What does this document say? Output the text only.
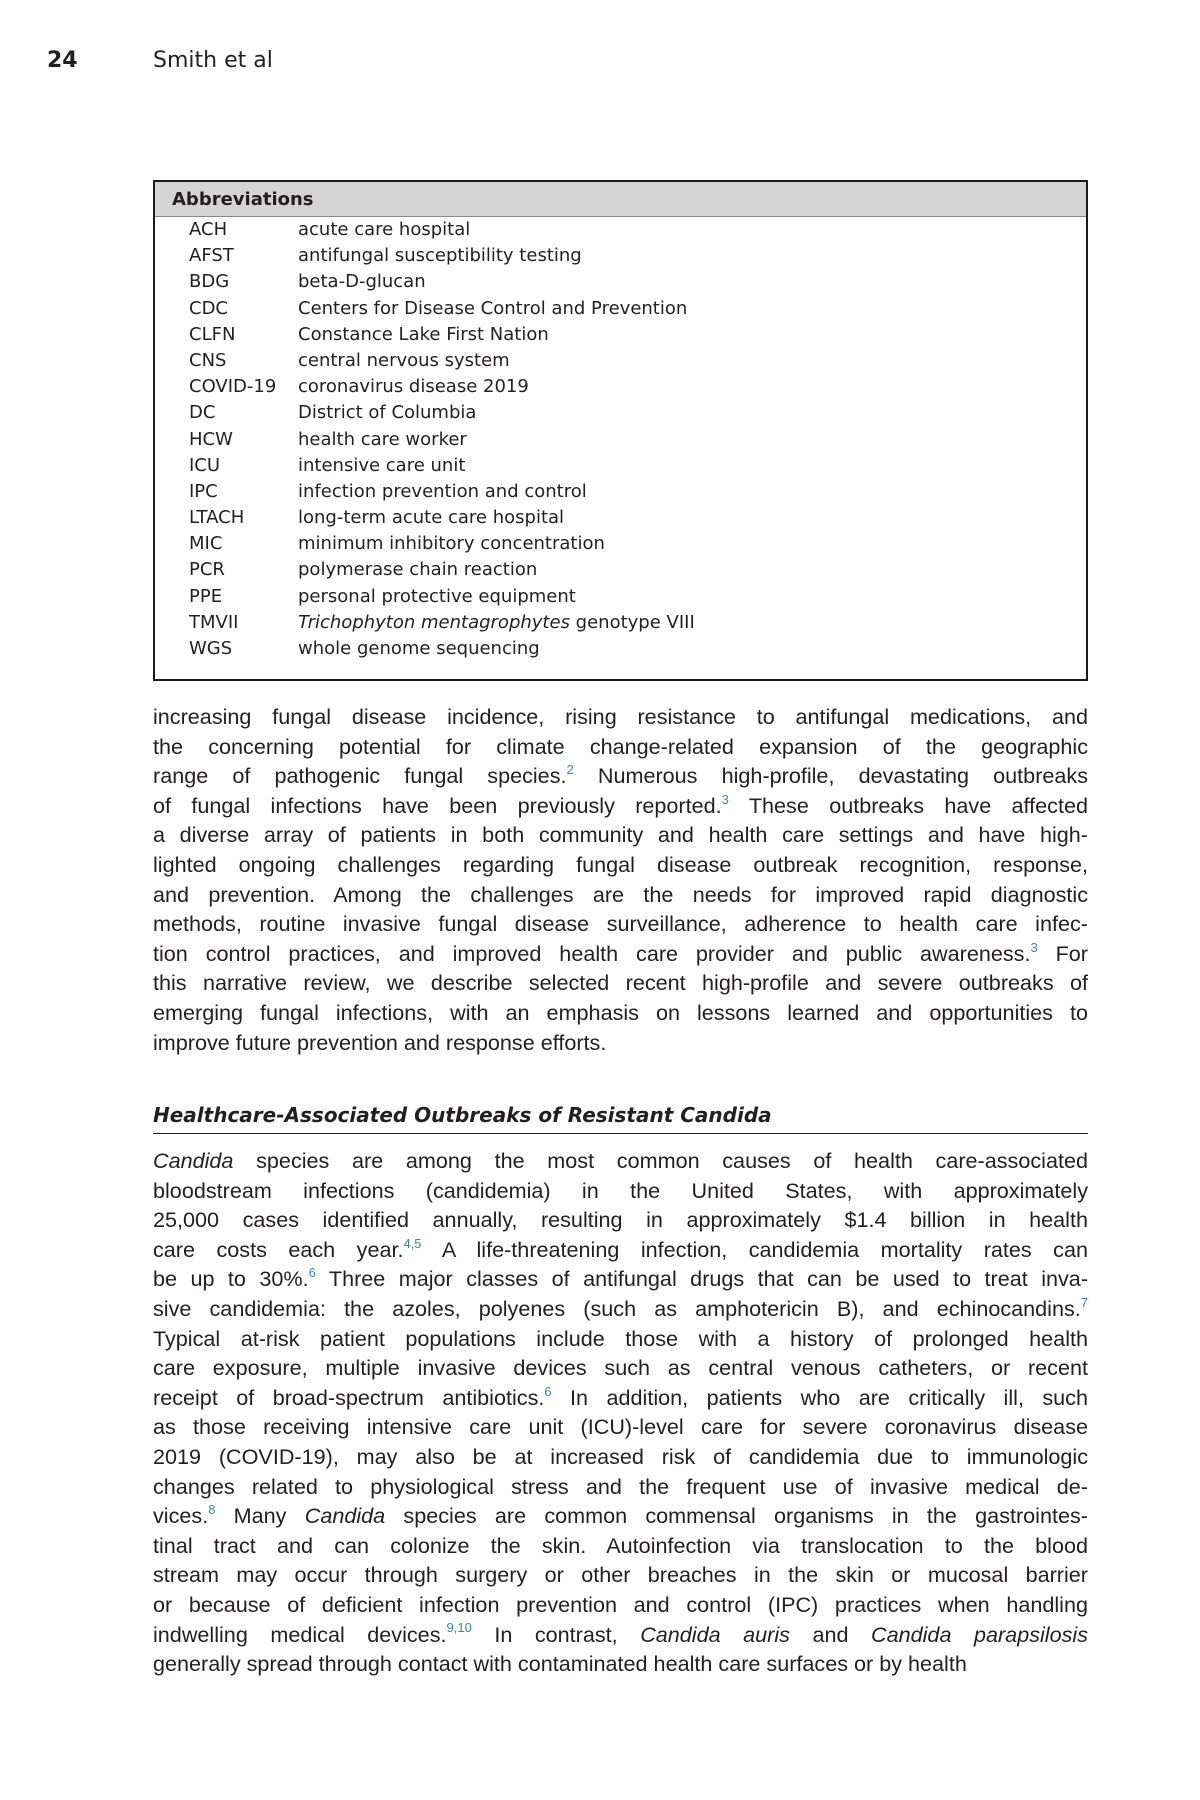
24	Smith et al
Abbreviations
ACH	acute care hospital
AFST	antifungal susceptibility testing
BDG	beta-D-glucan
CDC	Centers for Disease Control and Prevention
CLFN	Constance Lake First Nation
CNS	central nervous system
COVID-19 coronavirus disease 2019
DC	District of Columbia
HCW	health care worker
ICU	intensive care unit
IPC	infection prevention and control
LTACH	long-term acute care hospital
MIC	minimum inhibitory concentration
PCR	polymerase chain reaction
PPE	personal protective equipment
TMVII	Trichophyton mentagrophytes genotype VIII
WGS	whole genome sequencing

increasing fungal disease incidence, rising resistance to antifungal medications, and
the concerning potential for climate change-related expansion of the geographic
range of pathogenic fungal species.$^2$ Numerous high-profile, devastating outbreaks
of fungal infections have been previously reported.$^3$ These outbreaks have affected
a diverse array of patients in both community and health care settings and have high-
lighted ongoing challenges regarding fungal disease outbreak recognition, response,
and prevention. Among the challenges are the needs for improved rapid diagnostic
methods, routine invasive fungal disease surveillance, adherence to health care infec-
tion control practices, and improved health care provider and public awareness.$^3$ For
this narrative review, we describe selected recent high-profile and severe outbreaks of
emerging fungal infections, with an emphasis on lessons learned and opportunities to
improve future prevention and response efforts.

Healthcare-Associated Outbreaks of Resistant Candida

Candida species are among the most common causes of health care-associated
bloodstream infections (candidemia) in the United States, with approximately
25,000 cases identified annually, resulting in approximately $1.4 billion in health
care costs each year.$^{4,5}$ A life-threatening infection, candidemia mortality rates can
be up to 30%.$^6$ Three major classes of antifungal drugs that can be used to treat inva-
sive candidemia: the azoles, polyenes (such as amphotericin B), and echinocandins.$^7$
Typical at-risk patient populations include those with a history of prolonged health
care exposure, multiple invasive devices such as central venous catheters, or recent
receipt of broad-spectrum antibiotics.$^6$ In addition, patients who are critically ill, such
as those receiving intensive care unit (ICU)-level care for severe coronavirus disease
2019 (COVID-19), may also be at increased risk of candidemia due to immunologic
changes related to physiological stress and the frequent use of invasive medical de-
vices.$^8$ Many Candida species are common commensal organisms in the gastrointes-
tinal tract and can colonize the skin. Autoinfection via translocation to the blood
stream may occur through surgery or other breaches in the skin or mucosal barrier
or because of deficient infection prevention and control (IPC) practices when handling
indwelling medical devices.$^{9,10}$ In contrast, Candida auris and Candida parapsilosis
generally spread through contact with contaminated health care surfaces or by health
